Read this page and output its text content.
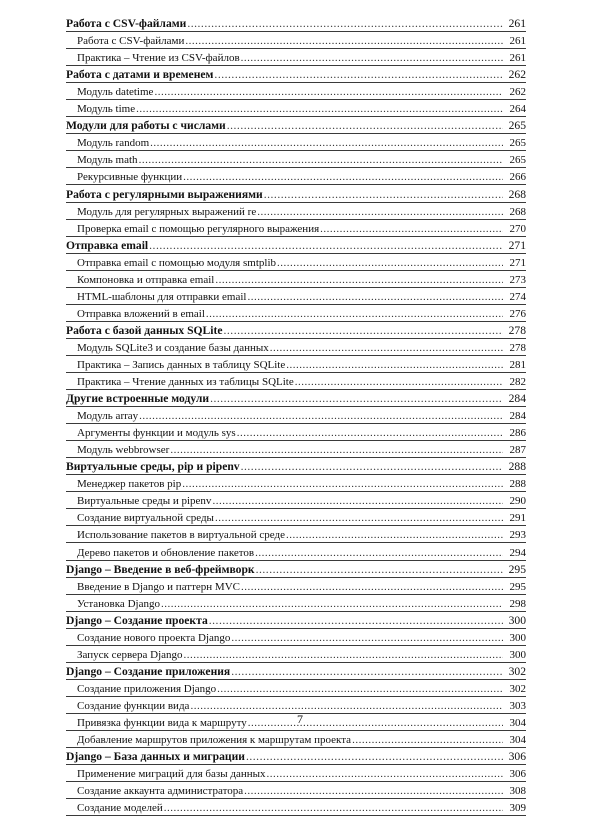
Работа с CSV-файлами .....	261
Работа с CSV-файлами .....	261
Практика – Чтение из CSV-файлов .....	261
Работа с датами и временем .....	262
Модуль datetime .....	262
Модуль time .....	264
Модули для работы с числами .....	265
Модуль random .....	265
Модуль math .....	265
Рекурсивные функции .....	266
Работа с регулярными выражениями .....	268
Модуль для регулярных выражений re .....	268
Проверка email с помощью регулярного выражения .....	270
Отправка email .....	271
Отправка email с помощью модуля smtplib .....	271
Компоновка и отправка email .....	273
HTML-шаблоны для отправки email .....	274
Отправка вложений в email .....	276
Работа с базой данных SQLite .....	278
Модуль SQLite3 и создание базы данных .....	278
Практика – Запись данных в таблицу SQLite .....	281
Практика – Чтение данных из таблицы SQLite .....	282
Другие встроенные модули .....	284
Модуль array .....	284
Аргументы функции и модуль sys .....	286
Модуль webbrowser .....	287
Виртуальные среды, pip и pipenv .....	288
Менеджер пакетов pip .....	288
Виртуальные среды и pipenv .....	290
Создание виртуальной среды .....	291
Использование пакетов в виртуальной среде .....	293
Дерево пакетов и обновление пакетов .....	294
Django – Введение в веб-фреймворк .....	295
Введение в Django и паттерн MVC .....	295
Установка Django .....	298
Django – Создание проекта .....	300
Создание нового проекта Django .....	300
Запуск сервера Django .....	300
Django – Создание приложения .....	302
Создание приложения Django .....	302
Создание функции вида .....	303
Привязка функции вида к маршруту .....	304
Добавление маршрутов приложения к маршрутам проекта .....	304
Django – База данных и миграции .....	306
Применение миграций для базы данных .....	306
Создание аккаунта администратора .....	308
Создание моделей .....	309
7
